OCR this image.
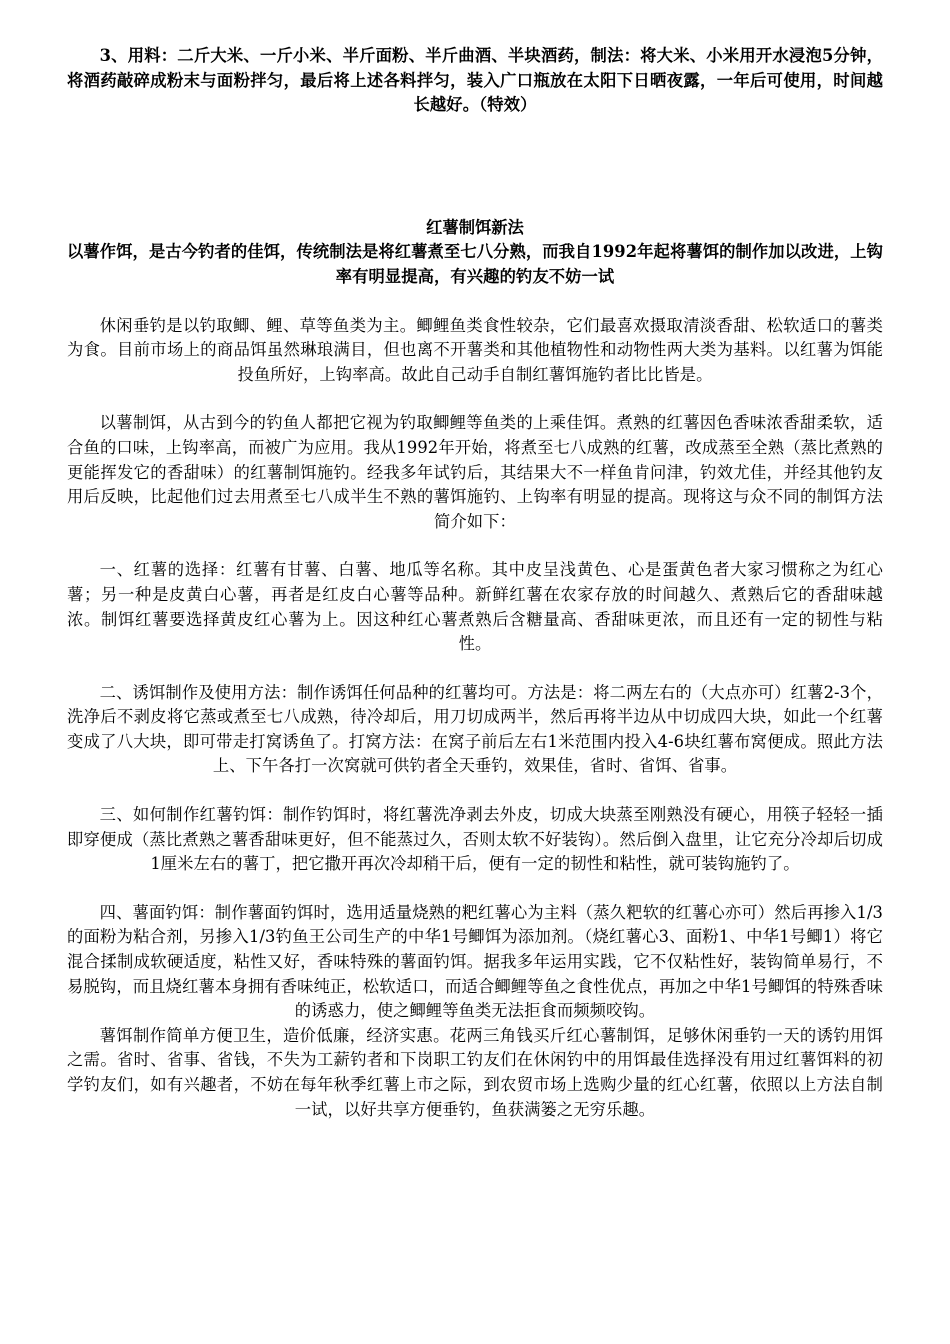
3、用料：二斤大米、一斤小米、半斤面粉、半斤曲酒、半块酒药，制法：将大米、小米用开水浸泡5分钟，将酒药敲碎成粉末与面粉拌匀，最后将上述各料拌匀，装入广口瓶放在太阳下日晒夜露，一年后可使用，时间越长越好。（特效）

红薯制饵新法

以薯作饵，是古今钓者的佳饵，传统制法是将红薯煮至七八分熟，而我自1992年起将薯饵的制作加以改进，上钩率有明显提高，有兴趣的钓友不妨一试

休闲垂钓是以钓取鲫、鲤、草等鱼类为主。鲫鲤鱼类食性较杂，它们最喜欢摄取清淡香甜、松软适口的薯类为食。目前市场上的商品饵虽然琳琅满目，但也离不开薯类和其他植物性和动物性两大类为基料。以红薯为饵能投鱼所好，上钩率高。故此自己动手自制红薯饵施钓者比比皆是。

以薯制饵，从古到今的钓鱼人都把它视为钓取鲫鲤等鱼类的上乘佳饵。煮熟的红薯因色香味浓香甜柔软，适合鱼的口味，上钩率高，而被广为应用。我从1992年开始，将煮至七八成熟的红薯，改成蒸至全熟（蒸比煮熟的更能挥发它的香甜味）的红薯制饵施钓。经我多年试钓后，其结果大不一样鱼肯问津，钓效尤佳，并经其他钓友用后反映，比起他们过去用煮至七八成半生不熟的薯饵施钓、上钩率有明显的提高。现将这与众不同的制饵方法简介如下：

一、红薯的选择：红薯有甘薯、白薯、地瓜等名称。其中皮呈浅黄色、心是蛋黄色者大家习惯称之为红心薯；另一种是皮黄白心薯，再者是红皮白心薯等品种。新鲜红薯在农家存放的时间越久、煮熟后它的香甜味越浓。制饵红薯要选择黄皮红心薯为上。因这种红心薯煮熟后含糖量高、香甜味更浓，而且还有一定的韧性与粘性。

二、诱饵制作及使用方法：制作诱饵任何品种的红薯均可。方法是：将二两左右的（大点亦可）红薯2-3个，洗净后不剥皮将它蒸或煮至七八成熟，待冷却后，用刀切成两半，然后再将半边从中切成四大块，如此一个红薯变成了八大块，即可带走打窝诱鱼了。打窝方法：在窝子前后左右1米范围内投入4-6块红薯布窝便成。照此方法上、下午各打一次窝就可供钓者全天垂钓，效果佳，省时、省饵、省事。

三、如何制作红薯钓饵：制作钓饵时，将红薯洗净剥去外皮，切成大块蒸至刚熟没有硬心，用筷子轻轻一插即穿便成（蒸比煮熟之薯香甜味更好，但不能蒸过久，否则太软不好装钩）。然后倒入盘里，让它充分冷却后切成1厘米左右的薯丁，把它撒开再次冷却稍干后，便有一定的韧性和粘性，就可装钩施钓了。

四、薯面钓饵：制作薯面钓饵时，选用适量烧熟的粑红薯心为主料（蒸久粑软的红薯心亦可）然后再掺入1/3的面粉为粘合剂，另掺入1/3钓鱼王公司生产的中华1号鲫饵为添加剂。（烧红薯心3、面粉1、中华1号鲫1）将它混合揉制成软硬适度，粘性又好，香味特殊的薯面钓饵。据我多年运用实践，它不仅粘性好，装钩简单易行，不易脱钩，而且烧红薯本身拥有香味纯正，松软适口，而适合鲫鲤等鱼之食性优点，再加之中华1号鲫饵的特殊香味的诱惑力，使之鲫鲤等鱼类无法拒食而频频咬钩。

薯饵制作简单方便卫生，造价低廉，经济实惠。花两三角钱买斤红心薯制饵，足够休闲垂钓一天的诱钓用饵之需。省时、省事、省钱，不失为工薪钓者和下岗职工钓友们在休闲钓中的用饵最佳选择没有用过红薯饵料的初学钓友们，如有兴趣者，不妨在每年秋季红薯上市之际，到农贸市场上选购少量的红心红薯，依照以上方法自制一试，以好共享方便垂钓，鱼获满篓之无穷乐趣。
